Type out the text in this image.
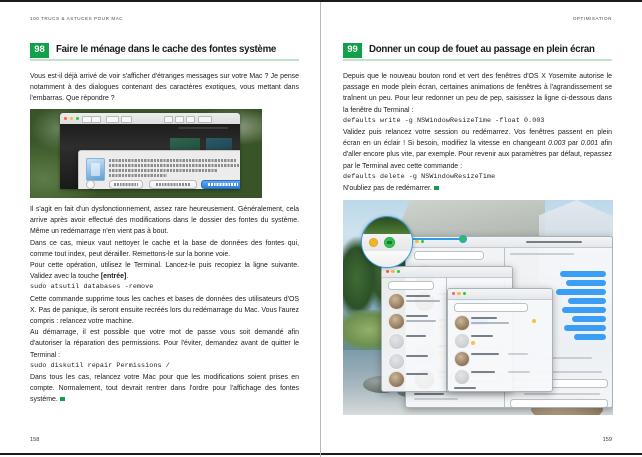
100 TRUCS & ASTUCES POUR MAC
98	Faire le ménage dans le cache des fontes système

Vous est-il déjà arrivé de voir s'afficher d'étranges messages sur votre Mac ? Je pense notamment à des dialogues contenant des caractères exotiques, vous mettant dans l'embarras. Que répondre ?

Il s'agit en fait d'un dysfonctionnement, assez rare heureusement. Généralement, cela arrive après avoir effectué des modifications dans le dossier des fontes du système. Même un redémarrage n'en vient pas à bout.

Dans ce cas, mieux vaut nettoyer le cache et la base de données des fontes qui, comme tout index, peut dérailler. Remettons-le sur la bonne voie.

Pour cette opération, utilisez le Terminal. Lancez-le puis recopiez la ligne suivante. Validez avec la touche [entrée].

sudo atsutil databases -remove

Cette commande supprime tous les caches et bases de données des utilisateurs d'OS X. Pas de panique, ils seront ensuite recréés lors du redémarrage du Mac. Vous l'aurez compris : relancez votre machine.

Au démarrage, il est possible que votre mot de passe vous soit demandé afin d'autoriser la réparation des permissions. Pour l'éviter, demandez avant de quitter le Terminal :

sudo diskutil repair Permissions /

Dans tous les cas, relancez votre Mac pour que les modifications soient prises en compte. Normalement, tout devrait rentrer dans l'ordre pour l'affichage des fontes système.

158
OPTIMISATION
99	Donner un coup de fouet au passage en plein écran

Depuis que le nouveau bouton rond et vert des fenêtres d'OS X Yosemite autorise le passage en mode plein écran, certaines animations de fenêtres à l'agrandissement se traînent un peu. Pour leur redonner un peu de pep, saisissez la ligne ci-dessous dans la fenêtre du Terminal :

defaults write -g NSWindowResizeTime -float 0.003

Validez puis relancez votre session ou redémarrez. Vos fenêtres passent en plein écran en un éclair ! Si besoin, modifiez la vitesse en changeant 0.003 par 0.001 afin d'aller encore plus vite, par exemple. Pour revenir aux paramètres par défaut, repassez par le Terminal avec cette commande :

defaults delete -g NSWindowResizeTime

N'oubliez pas de redémarrer.

159
